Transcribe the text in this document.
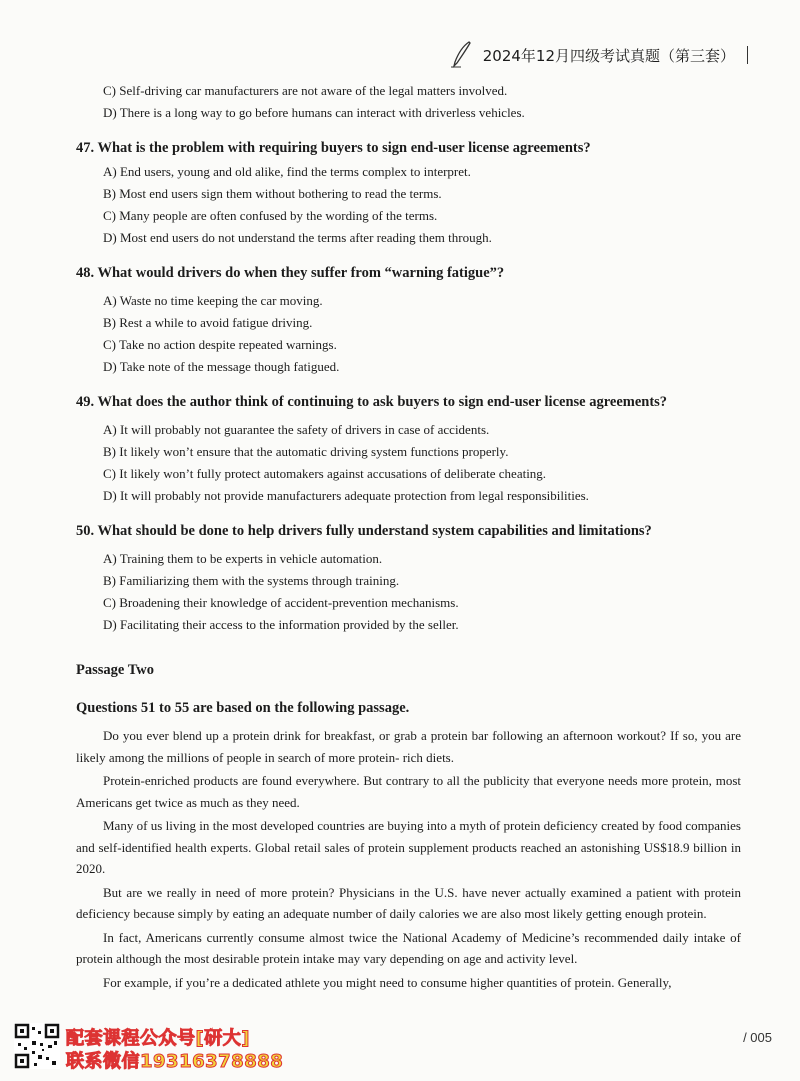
2024年12月四级考试真题（第三套）
C) Self-driving car manufacturers are not aware of the legal matters involved.
D) There is a long way to go before humans can interact with driverless vehicles.
47. What is the problem with requiring buyers to sign end-user license agreements?
A) End users, young and old alike, find the terms complex to interpret.
B) Most end users sign them without bothering to read the terms.
C) Many people are often confused by the wording of the terms.
D) Most end users do not understand the terms after reading them through.
48. What would drivers do when they suffer from “warning fatigue”?
A) Waste no time keeping the car moving.
B) Rest a while to avoid fatigue driving.
C) Take no action despite repeated warnings.
D) Take note of the message though fatigued.
49. What does the author think of continuing to ask buyers to sign end-user license agreements?
A) It will probably not guarantee the safety of drivers in case of accidents.
B) It likely won’t ensure that the automatic driving system functions properly.
C) It likely won’t fully protect automakers against accusations of deliberate cheating.
D) It will probably not provide manufacturers adequate protection from legal responsibilities.
50. What should be done to help drivers fully understand system capabilities and limitations?
A) Training them to be experts in vehicle automation.
B) Familiarizing them with the systems through training.
C) Broadening their knowledge of accident-prevention mechanisms.
D) Facilitating their access to the information provided by the seller.
Passage Two
Questions 51 to 55 are based on the following passage.

Do you ever blend up a protein drink for breakfast, or grab a protein bar following an afternoon workout? If so, you are likely among the millions of people in search of more protein- rich diets.

Protein-enriched products are found everywhere. But contrary to all the publicity that everyone needs more protein, most Americans get twice as much as they need.

Many of us living in the most developed countries are buying into a myth of protein deficiency created by food companies and self-identified health experts. Global retail sales of protein supplement products reached an astonishing US$18.9 billion in 2020.

But are we really in need of more protein? Physicians in the U.S. have never actually examined a patient with protein deficiency because simply by eating an adequate number of daily calories we are also most likely getting enough protein.

In fact, Americans currently consume almost twice the National Academy of Medicine’s recommended daily intake of protein although the most desirable protein intake may vary depending on age and activity level.

For example, if you’re a dedicated athlete you might need to consume higher quantities of protein. Generally,

配套课程公众号[研大]
联系微信19316378888
/ 005
